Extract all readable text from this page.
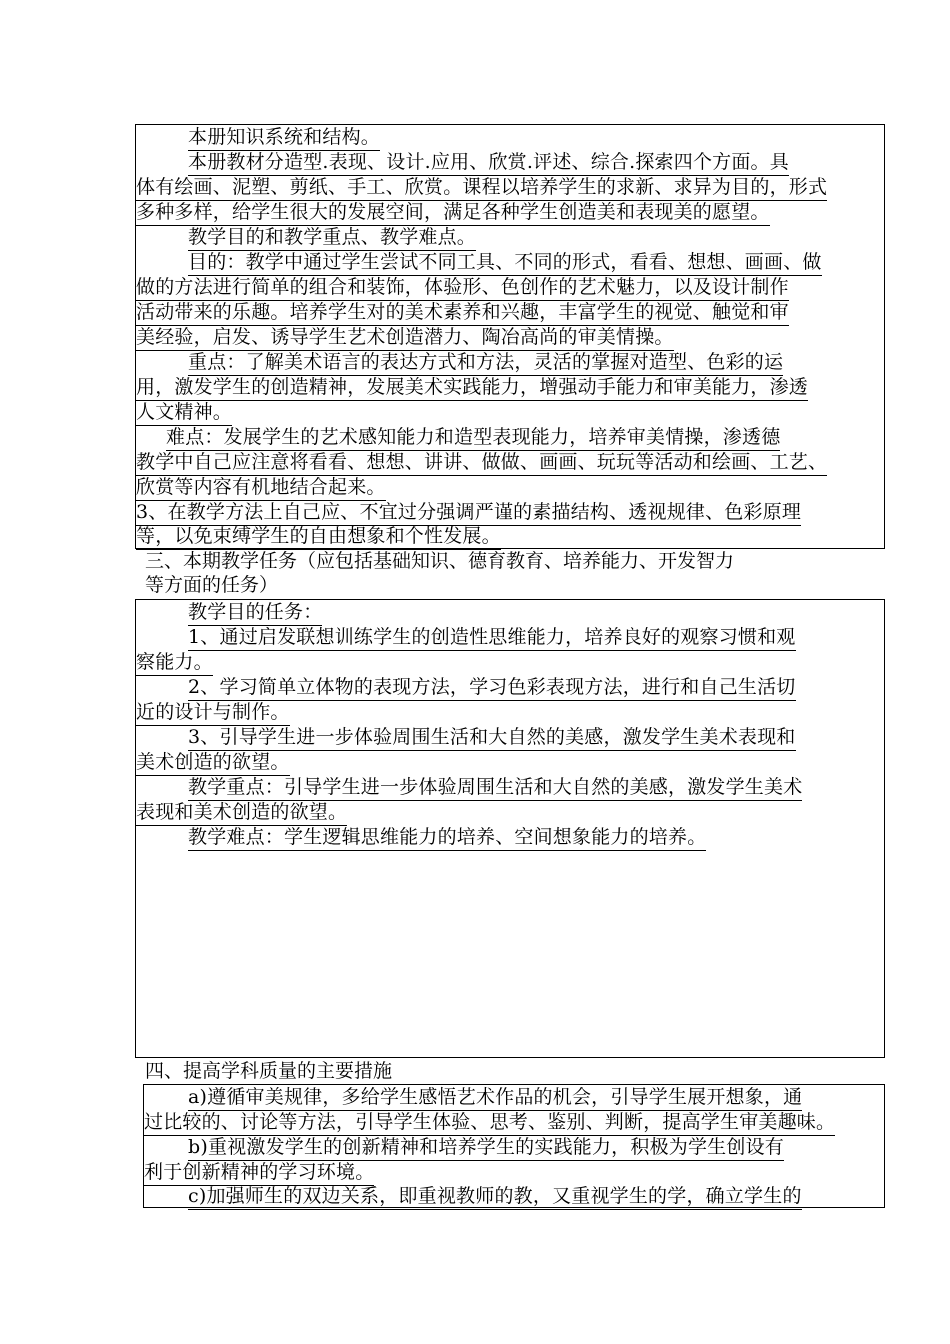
本册知识系统和结构。
本册教材分造型.表现、设计.应用、欣赏.评述、综合.探索四个方面。具
体有绘画、泥塑、剪纸、手工、欣赏。课程以培养学生的求新、求异为目的，形式
多种多样，给学生很大的发展空间，满足各种学生创造美和表现美的愿望。
教学目的和教学重点、教学难点。
目的：教学中通过学生尝试不同工具、不同的形式，看看、想想、画画、做
做的方法进行简单的组合和装饰，体验形、色创作的艺术魅力，以及设计制作
活动带来的乐趣。培养学生对的美术素养和兴趣，丰富学生的视觉、触觉和审
美经验，启发、诱导学生艺术创造潜力、陶冶高尚的审美情操。
重点：了解美术语言的表达方式和方法，灵活的掌握对造型、色彩的运
用，激发学生的创造精神，发展美术实践能力，增强动手能力和审美能力，渗透
人文精神。
难点：发展学生的艺术感知能力和造型表现能力，培养审美情操，渗透德
教学中自己应注意将看看、想想、讲讲、做做、画画、玩玩等活动和绘画、工艺、
欣赏等内容有机地结合起来。
3、在教学方法上自己应、不宜过分强调严谨的素描结构、透视规律、色彩原理
等，以免束缚学生的自由想象和个性发展。
三、本期教学任务（应包括基础知识、德育教育、培养能力、开发智力
等方面的任务）
教学目的任务：
1、通过启发联想训练学生的创造性思维能力，培养良好的观察习惯和观
察能力。
2、学习简单立体物的表现方法，学习色彩表现方法，进行和自己生活切
近的设计与制作。
3、引导学生进一步体验周围生活和大自然的美感，激发学生美术表现和
美术创造的欲望。
教学重点：引导学生进一步体验周围生活和大自然的美感，激发学生美术
表现和美术创造的欲望。
教学难点：学生逻辑思维能力的培养、空间想象能力的培养。
四、提高学科质量的主要措施
a)遵循审美规律，多给学生感悟艺术作品的机会，引导学生展开想象，通
过比较的、讨论等方法，引导学生体验、思考、鉴别、判断，提高学生审美趣味。
b)重视激发学生的创新精神和培养学生的实践能力，积极为学生创设有
利于创新精神的学习环境。
c)加强师生的双边关系，即重视教师的教，又重视学生的学，确立学生的
